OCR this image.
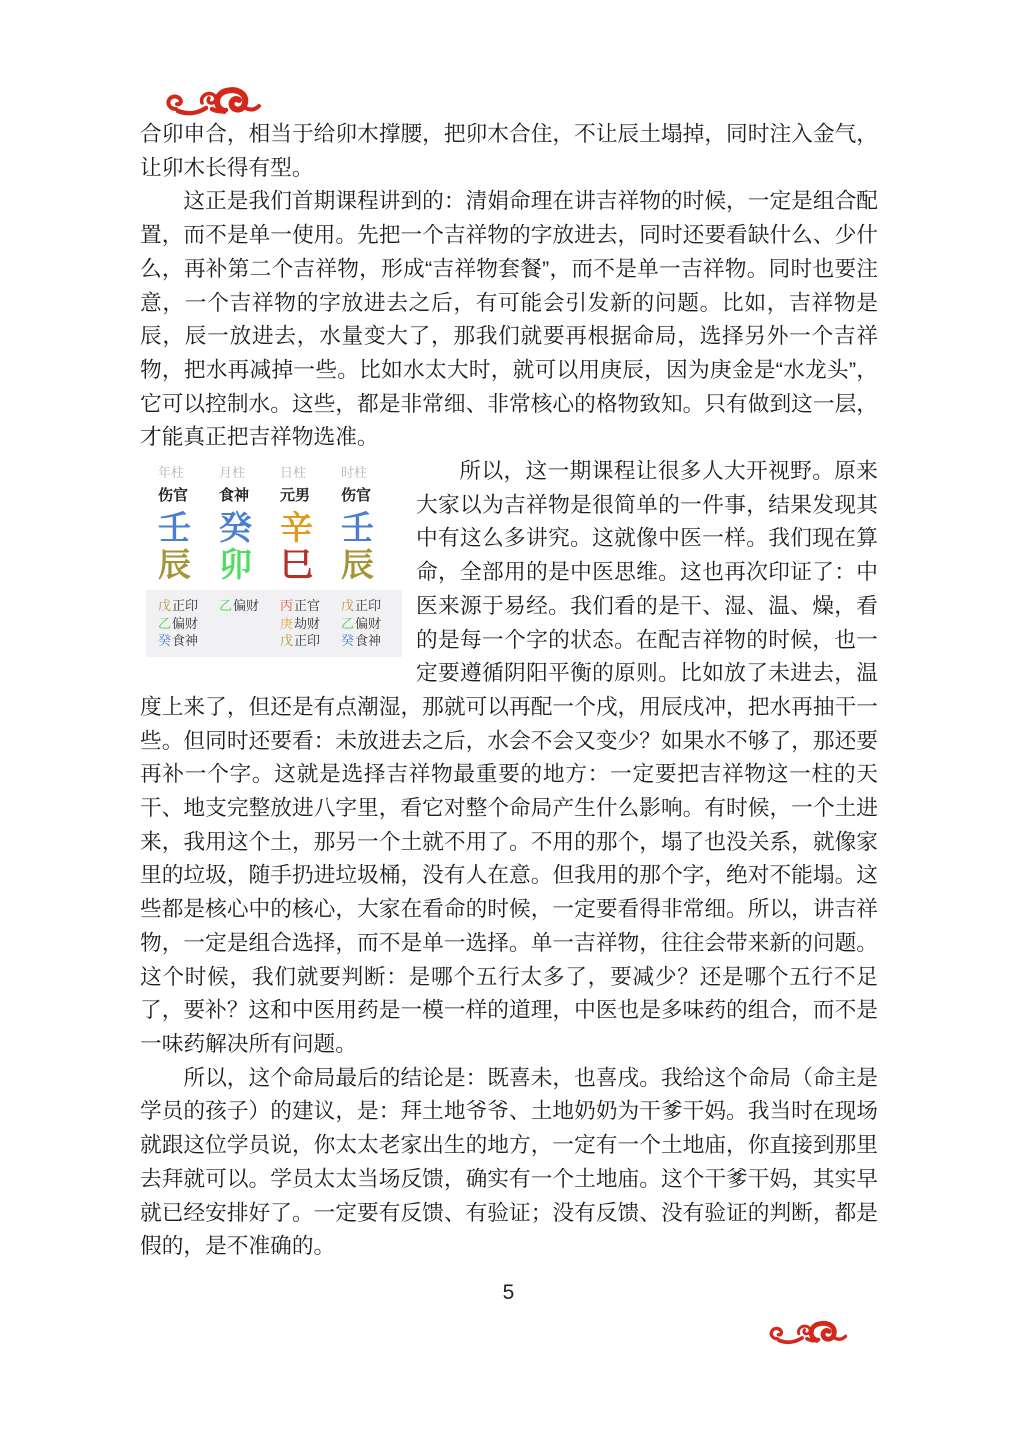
合卯申合，相当于给卯木撑腰，把卯木合住，不让辰土塌掉，同时注入金气，让卯木长得有型。

这正是我们首期课程讲到的：清娟命理在讲吉祥物的时候，一定是组合配置，而不是单一使用。先把一个吉祥物的字放进去，同时还要看缺什么、少什么，再补第二个吉祥物，形成“吉祥物套餐”，而不是单一吉祥物。同时也要注意，一个吉祥物的字放进去之后，有可能会引发新的问题。比如，吉祥物是辰，辰一放进去，水量变大了，那我们就要再根据命局，选择另外一个吉祥物，把水再减掉一些。比如水太大时，就可以用庚辰，因为庚金是“水龙头”，它可以控制水。这些，都是非常细、非常核心的格物致知。只有做到这一层，才能真正把吉祥物选准。

年柱
伤官
壬
辰
月柱
食神
癸
卯
日柱
元男
辛
巳
时柱
伤官
壬
辰
戊正印
乙偏财
癸食神
乙偏财	丙正官
庚劫财
戊正印
戊正印
乙偏财
癸食神
所以，这一期课程让很多人大开视野。原来大家以为吉祥物是很简单的一件事，结果发现其中有这么多讲究。这就像中医一样。我们现在算命，全部用的是中医思维。这也再次印证了：中医来源于易经。我们看的是干、湿、温、燥，看的是每一个字的状态。在配吉祥物的时候，也一定要遵循阴阳平衡的原则。比如放了未进去，温度上来了，但还是有点潮湿，那就可以再配一个戌，用辰戌冲，把水再抽干一些。但同时还要看：未放进去之后，水会不会又变少？如果水不够了，那还要再补一个字。这就是选择吉祥物最重要的地方：一定要把吉祥物这一柱的天干、地支完整放进八字里，看它对整个命局产生什么影响。有时候，一个土进来，我用这个土，那另一个土就不用了。不用的那个，塌了也没关系，就像家里的垃圾，随手扔进垃圾桶，没有人在意。但我用的那个字，绝对不能塌。这些都是核心中的核心，大家在看命的时候，一定要看得非常细。所以，讲吉祥物，一定是组合选择，而不是单一选择。单一吉祥物，往往会带来新的问题。这个时候，我们就要判断：是哪个五行太多了，要减少？还是哪个五行不足了，要补？这和中医用药是一模一样的道理，中医也是多味药的组合，而不是一味药解决所有问题。

所以，这个命局最后的结论是：既喜未，也喜戌。我给这个命局（命主是学员的孩子）的建议，是：拜土地爷爷、土地奶奶为干爹干妈。我当时在现场就跟这位学员说，你太太老家出生的地方，一定有一个土地庙，你直接到那里去拜就可以。学员太太当场反馈，确实有一个土地庙。这个干爹干妈，其实早就已经安排好了。一定要有反馈、有验证；没有反馈、没有验证的判断，都是假的，是不准确的。

5
